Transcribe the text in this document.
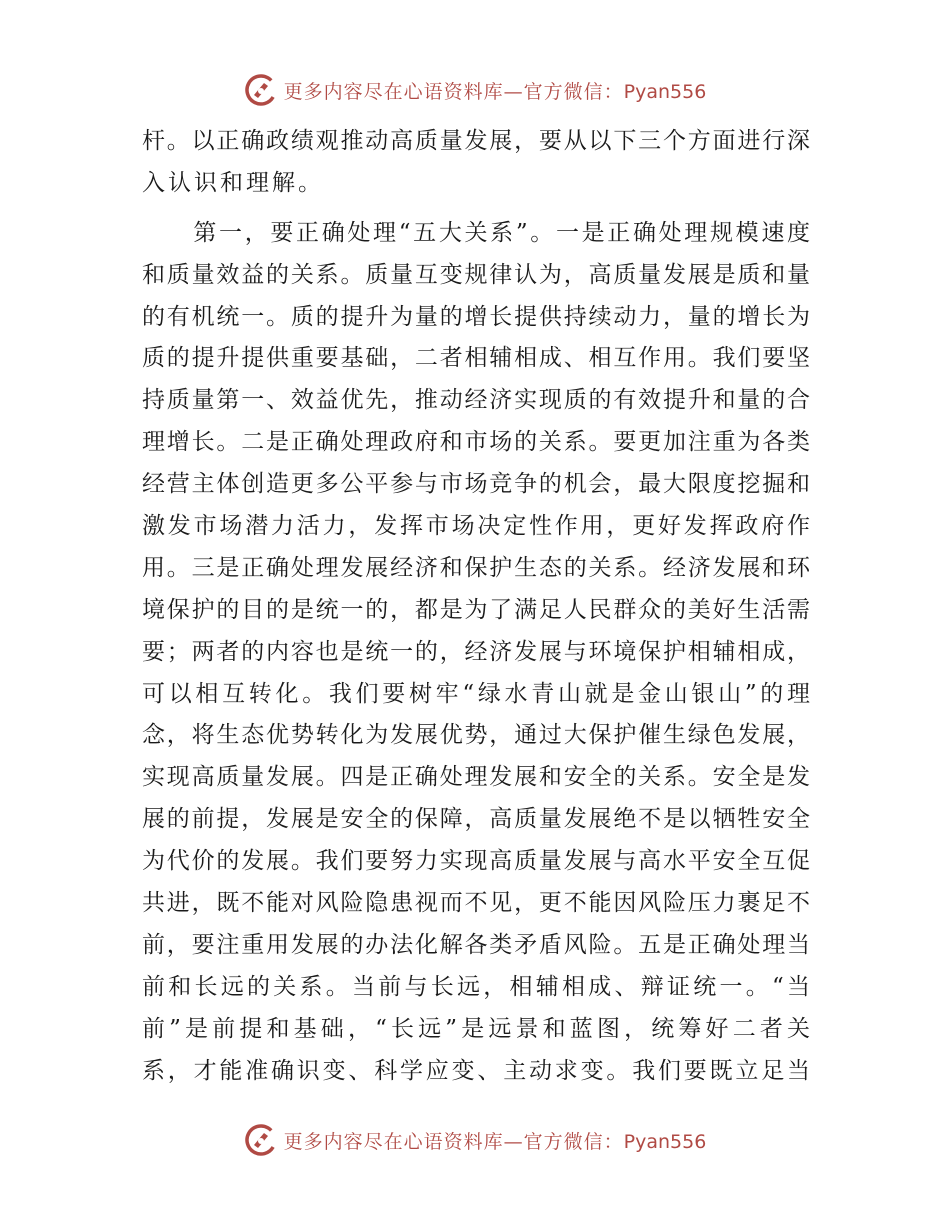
更多内容尽在心语资料库—官方微信：Pyan556
杆。以正确政绩观推动高质量发展，要从以下三个方面进行深
入认识和理解。
　　第一，要正确处理“五大关系”。一是正确处理规模速度
和质量效益的关系。质量互变规律认为，高质量发展是质和量
的有机统一。质的提升为量的增长提供持续动力，量的增长为
质的提升提供重要基础，二者相辅相成、相互作用。我们要坚
持质量第一、效益优先，推动经济实现质的有效提升和量的合
理增长。二是正确处理政府和市场的关系。要更加注重为各类
经营主体创造更多公平参与市场竞争的机会，最大限度挖掘和
激发市场潜力活力，发挥市场决定性作用，更好发挥政府作
用。三是正确处理发展经济和保护生态的关系。经济发展和环
境保护的目的是统一的，都是为了满足人民群众的美好生活需
要；两者的内容也是统一的，经济发展与环境保护相辅相成，
可以相互转化。我们要树牢“绿水青山就是金山银山”的理
念，将生态优势转化为发展优势，通过大保护催生绿色发展，
实现高质量发展。四是正确处理发展和安全的关系。安全是发
展的前提，发展是安全的保障，高质量发展绝不是以牺牲安全
为代价的发展。我们要努力实现高质量发展与高水平安全互促
共进，既不能对风险隐患视而不见，更不能因风险压力裹足不
前，要注重用发展的办法化解各类矛盾风险。五是正确处理当
前和长远的关系。当前与长远，相辅相成、辩证统一。“当
前”是前提和基础，“长远”是远景和蓝图，统筹好二者关
系，才能准确识变、科学应变、主动求变。我们要既立足当
更多内容尽在心语资料库—官方微信：Pyan556
